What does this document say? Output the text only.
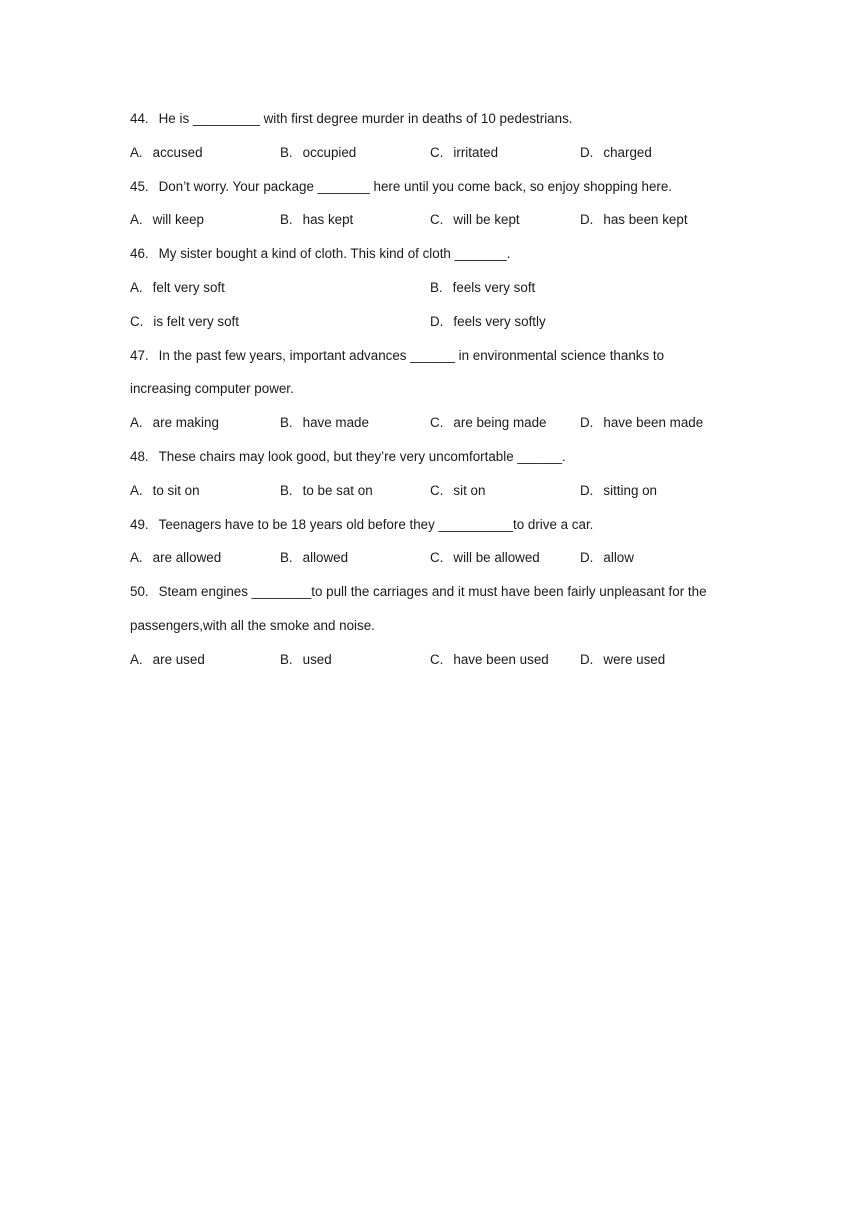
44. He is _________ with first degree murder in deaths of 10 pedestrians.
A. accused	B. occupied	C. irritated	D. charged
45. Don’t worry. Your package _______ here until you come back, so enjoy shopping here.
A. will keep	B. has kept	C. will be kept	D. has been kept
46. My sister bought a kind of cloth. This kind of cloth _______.
A. felt very soft	B. feels very soft
C. is felt very soft	D. feels very softly
47. In the past few years, important advances ______ in environmental science thanks to
increasing computer power.
A. are making	B. have made	C. are being made	D. have been made
48. These chairs may look good, but they’re very uncomfortable ______.
A. to sit on	B. to be sat on	C. sit on	D. sitting on
49. Teenagers have to be 18 years old before they __________to drive a car.
A. are allowed	B. allowed	C. will be allowed	D. allow
50. Steam engines ________to pull the carriages and it must have been fairly unpleasant for the
passengers,with all the smoke and noise.
A. are used	B. used	C. have been used	D. were used
